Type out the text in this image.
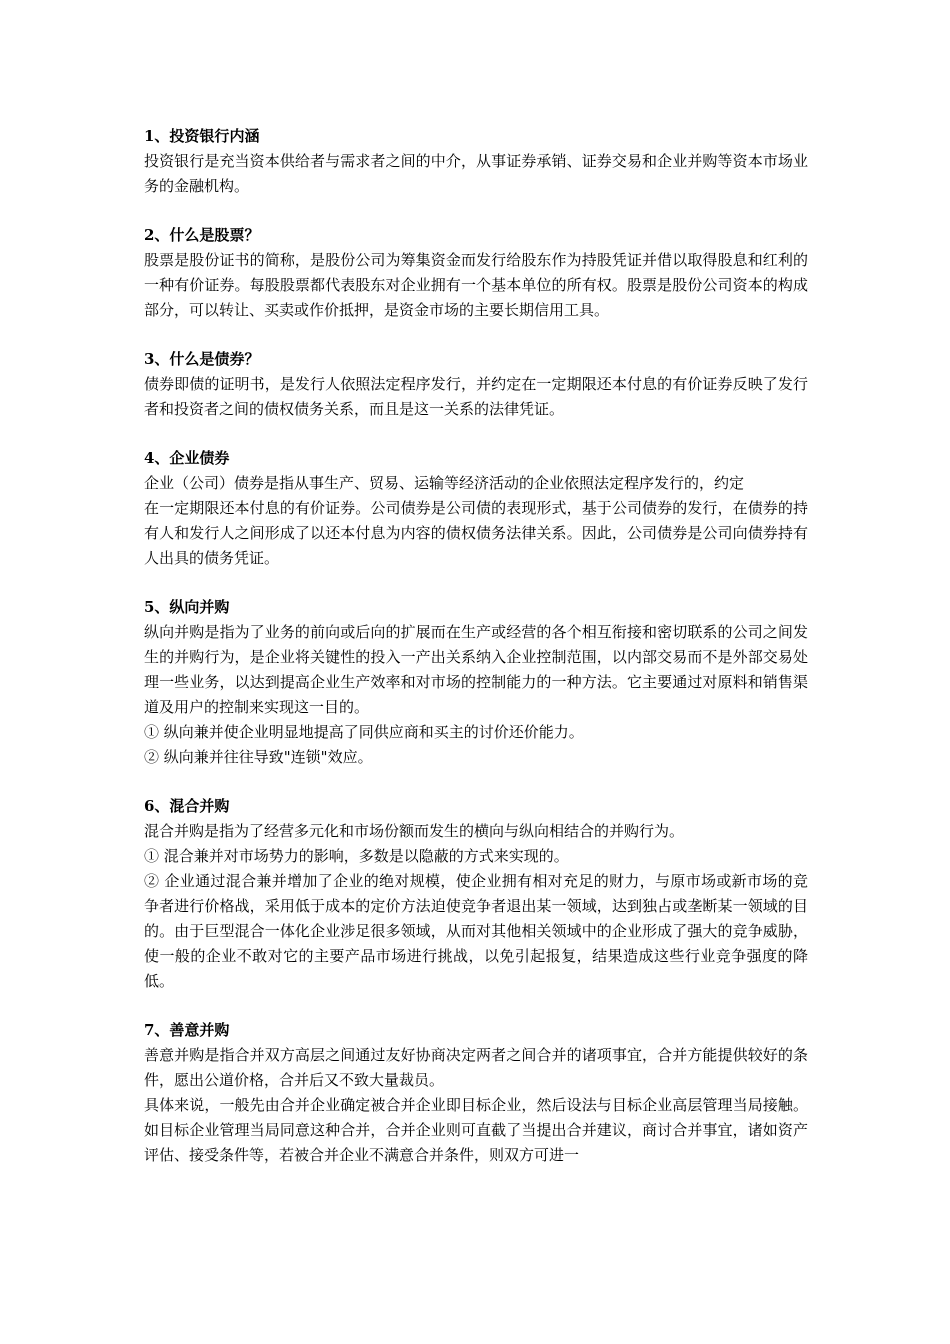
1、投资银行内涵

投资银行是充当资本供给者与需求者之间的中介，从事证券承销、证券交易和企业并购等资本市场业务的金融机构。

2、什么是股票？

股票是股份证书的简称，是股份公司为筹集资金而发行给股东作为持股凭证并借以取得股息和红利的一种有价证券。每股股票都代表股东对企业拥有一个基本单位的所有权。股票是股份公司资本的构成部分，可以转让、买卖或作价抵押，是资金市场的主要长期信用工具。

3、什么是债券？

债券即债的证明书，是发行人依照法定程序发行，并约定在一定期限还本付息的有价证券反映了发行者和投资者之间的债权债务关系，而且是这一关系的法律凭证。

4、企业债券

企业（公司）债券是指从事生产、贸易、运输等经济活动的企业依照法定程序发行的，约定

在一定期限还本付息的有价证券。公司债券是公司债的表现形式，基于公司债券的发行，在债券的持有人和发行人之间形成了以还本付息为内容的债权债务法律关系。因此，公司债券是公司向债券持有人出具的债务凭证。

5、纵向并购

纵向并购是指为了业务的前向或后向的扩展而在生产或经营的各个相互衔接和密切联系的公司之间发生的并购行为，是企业将关键性的投入一产出关系纳入企业控制范围，以内部交易而不是外部交易处理一些业务，以达到提高企业生产效率和对市场的控制能力的一种方法。它主要通过对原料和销售渠道及用户的控制来实现这一目的。

① 纵向兼并使企业明显地提高了同供应商和买主的讨价还价能力。

② 纵向兼并往往导致"连锁"效应。

6、混合并购

混合并购是指为了经营多元化和市场份额而发生的横向与纵向相结合的并购行为。

① 混合兼并对市场势力的影响，多数是以隐蔽的方式来实现的。

② 企业通过混合兼并增加了企业的绝对规模，使企业拥有相对充足的财力，与原市场或新市场的竞争者进行价格战，采用低于成本的定价方法迫使竞争者退出某一领域，达到独占或垄断某一领域的目的。由于巨型混合一体化企业涉足很多领域，从而对其他相关领域中的企业形成了强大的竞争威胁，使一般的企业不敢对它的主要产品市场进行挑战，以免引起报复，结果造成这些行业竞争强度的降低。

7、善意并购

善意并购是指合并双方高层之间通过友好协商决定两者之间合并的诸项事宜，合并方能提供较好的条件，愿出公道价格，合并后又不致大量裁员。

具体来说，一般先由合并企业确定被合并企业即目标企业，然后设法与目标企业高层管理当局接触。如目标企业管理当局同意这种合并，合并企业则可直截了当提出合并建议，商讨合并事宜，诸如资产评估、接受条件等，若被合并企业不满意合并条件，则双方可进一
